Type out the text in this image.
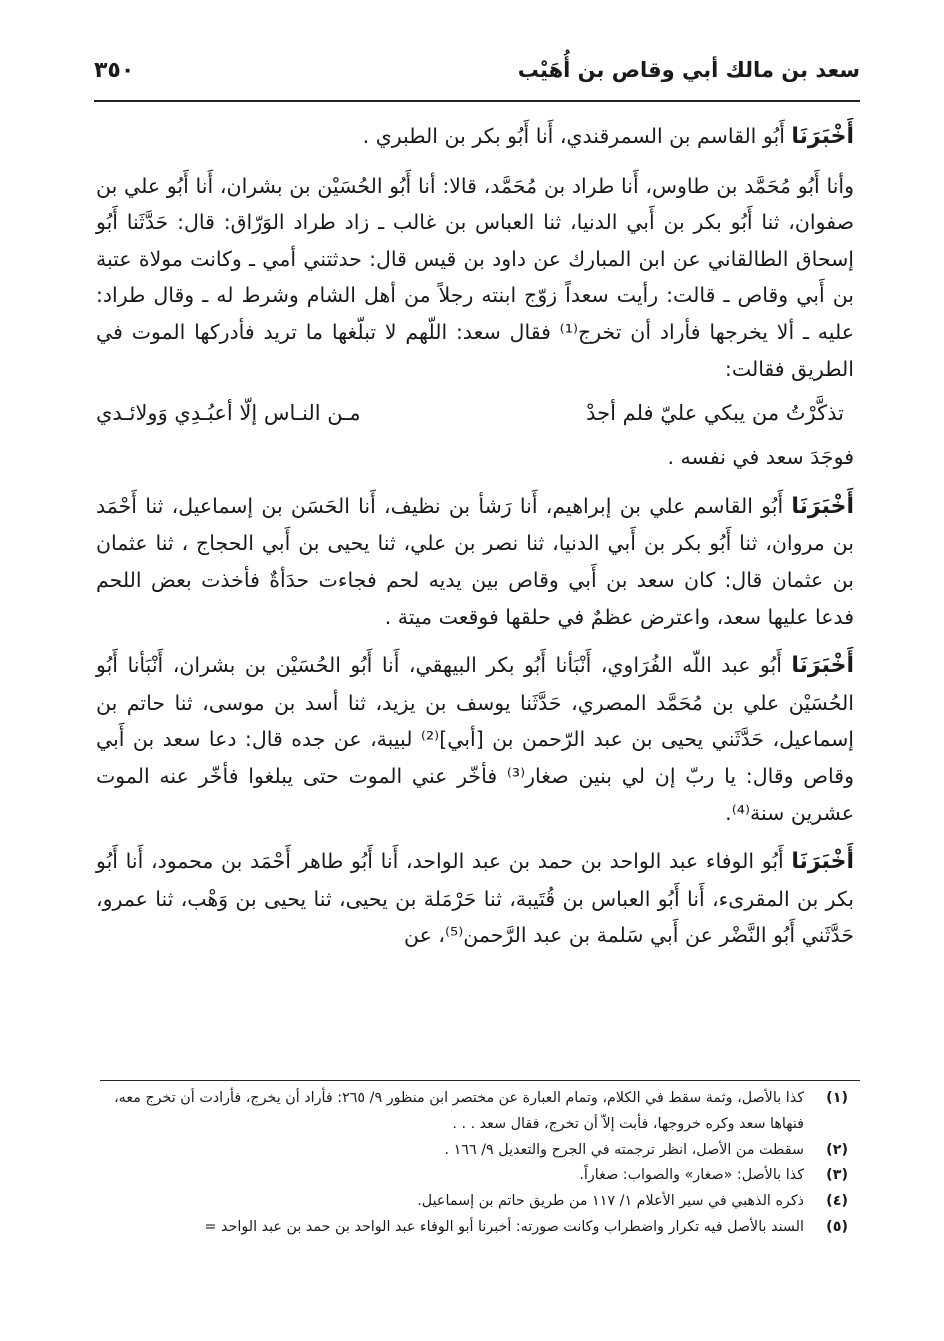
سعد بن مالك أبي وقاص بن أُهَيْب
٣٥٠

أَخْبَرَنَا أَبُو القاسم بن السمرقندي، أَنا أَبُو بكر بن الطبري .

وأنا أَبُو مُحَمَّد بن طاوس، أَنا طراد بن مُحَمَّد، قالا: أنا أَبُو الحُسَيْن بن بشران، أَنا أَبُو علي بن صفوان، ثنا أَبُو بكر بن أَبي الدنيا، ثنا العباس بن غالب ـ زاد طراد الوَرّاق: قال: حَدَّثَنا أَبُو إسحاق الطالقاني عن ابن المبارك عن داود بن قيس قال: حدثتني أمي ـ وكانت مولاة عتبة بن أَبي وقاص ـ قالت: رأيت سعداً زوّج ابنته رجلاً من أهل الشام وشرط له ـ وقال طراد: عليه ـ ألا يخرجها فأراد أن تخرج⁽¹⁾ فقال سعد: اللّهم لا تبلّغها ما تريد فأدركها الموت في الطريق فقالت:

تذكَّرْتُ من يبكي عليّ فلم أجدْ
مـن النـاس إلّا أعبُـدِي وَولائـدي

فوجَدَ سعد في نفسه .

أَخْبَرَنَا أَبُو القاسم علي بن إبراهيم، أَنا رَشأ بن نظيف، أَنا الحَسَن بن إسماعيل، ثنا أَحْمَد بن مروان، ثنا أَبُو بكر بن أَبي الدنيا، ثنا نصر بن علي، ثنا يحيى بن أَبي الحجاج ، ثنا عثمان بن عثمان قال: كان سعد بن أَبي وقاص بين يديه لحم فجاءت حدَأةٌ فأخذت بعض اللحم فدعا عليها سعد، واعترض عظمٌ في حلقها فوقعت ميتة .

أَخْبَرَنَا أَبُو عبد اللّه الفُرَاوي، أَنْبَأنا أَبُو بكر البيهقي، أَنا أَبُو الحُسَيْن بن بشران، أَنْبَأنا أَبُو الحُسَيْن علي بن مُحَمَّد المصري، حَدَّثَنا يوسف بن يزيد، ثنا أسد بن موسى، ثنا حاتم بن إسماعيل، حَدَّثَني يحيى بن عبد الرّحمن بن [أبي]⁽²⁾ لبيبة، عن جده قال: دعا سعد بن أَبي وقاص وقال: يا ربّ إن لي بنين صغار⁽³⁾ فأخّر عني الموت حتى يبلغوا فأخّر عنه الموت عشرين سنة⁽⁴⁾.

أَخْبَرَنَا أَبُو الوفاء عبد الواحد بن حمد بن عبد الواحد، أَنا أَبُو طاهر أَحْمَد بن محمود، أَنا أَبُو بكر بن المقرىء، أَنا أَبُو العباس بن قُتَيبة، ثنا حَرْمَلة بن يحيى، ثنا يحيى بن وَهْب، ثنا عمرو، حَدَّثَني أَبُو النَّضْر عن أَبي سَلمة بن عبد الرَّحمن⁽⁵⁾، عن

(١)
كذا بالأصل، وثمة سقط في الكلام، وتمام العبارة عن مختصر ابن منظور ٩/ ٢٦٥: فأراد أن يخرج، فأرادت أن تخرج معه، فنهاها سعد وكره خروجها، فأبت إلاّ أن تخرج، فقال سعد . . .
(٢)
سقطت من الأصل، انظر ترجمته في الجرح والتعديل ٩/ ١٦٦ .
(٣)
كذا بالأصل: «صغار» والصواب: صغاراً.
(٤)
ذكره الذهبي في سير الأعلام ١/ ١١٧ من طريق حاتم بن إسماعيل.
(٥)
السند بالأصل فيه تكرار واضطراب وكانت صورته: أخبرنا أبو الوفاء عبد الواحد بن حمد بن عبد الواحد =
